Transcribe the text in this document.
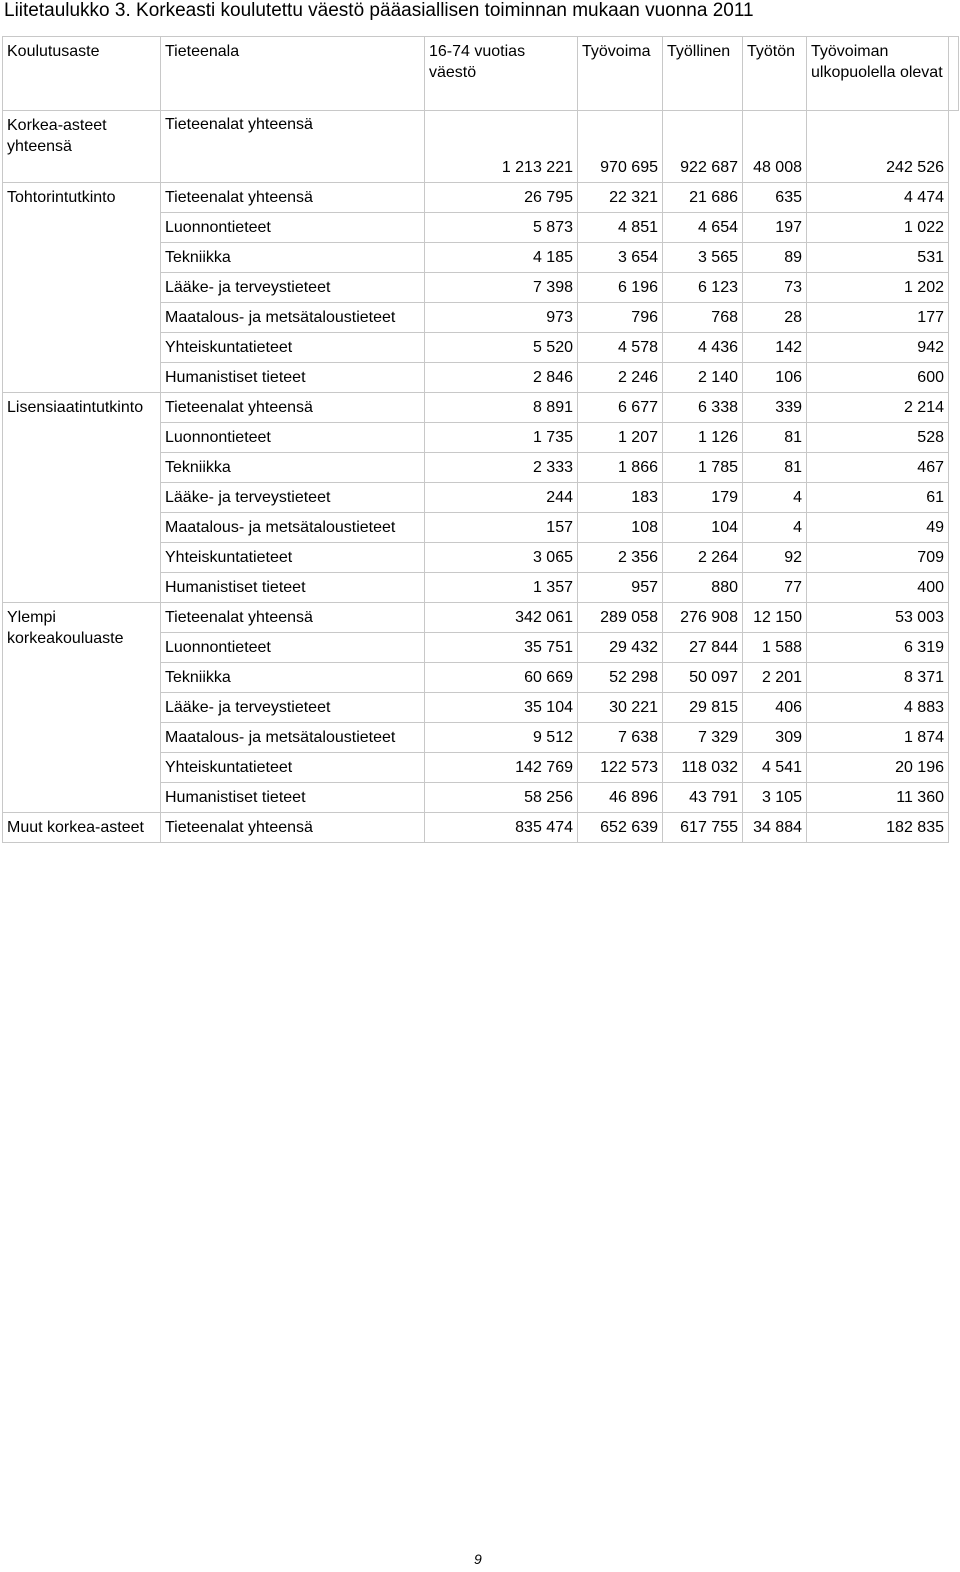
Liitetaulukko 3. Korkeasti koulutettu väestö pääasiallisen toiminnan mukaan vuonna 2011
Koulutusaste	Tieteenala	16-74 vuotias väestö	Työvoima	Työllinen	Työtön	Työvoiman ulkopuolella olevat	
Korkea-asteet yhteensä	Tieteenalat yhteensä	1 213 221	970 695	922 687	48 008	242 526	
Tohtorintutkinto	Tieteenalat yhteensä	26 795	22 321	21 686	635	4 474	
	Luonnontieteet	5 873	4 851	4 654	197	1 022	
	Tekniikka	4 185	3 654	3 565	89	531	
	Lääke- ja terveystieteet	7 398	6 196	6 123	73	1 202	
	Maatalous- ja metsätaloustieteet	973	796	768	28	177	
	Yhteiskuntatieteet	5 520	4 578	4 436	142	942	
	Humanistiset tieteet	2 846	2 246	2 140	106	600	
Lisensiaatintutkinto	Tieteenalat yhteensä	8 891	6 677	6 338	339	2 214	
	Luonnontieteet	1 735	1 207	1 126	81	528	
	Tekniikka	2 333	1 866	1 785	81	467	
	Lääke- ja terveystieteet	244	183	179	4	61	
	Maatalous- ja metsätaloustieteet	157	108	104	4	49	
	Yhteiskuntatieteet	3 065	2 356	2 264	92	709	
	Humanistiset tieteet	1 357	957	880	77	400	
Ylempi korkeakouluaste	Tieteenalat yhteensä	342 061	289 058	276 908	12 150	53 003	
	Luonnontieteet	35 751	29 432	27 844	1 588	6 319	
	Tekniikka	60 669	52 298	50 097	2 201	8 371	
	Lääke- ja terveystieteet	35 104	30 221	29 815	406	4 883	
	Maatalous- ja metsätaloustieteet	9 512	7 638	7 329	309	1 874	
	Yhteiskuntatieteet	142 769	122 573	118 032	4 541	20 196	
	Humanistiset tieteet	58 256	46 896	43 791	3 105	11 360	
Muut korkea-asteet	Tieteenalat yhteensä	835 474	652 639	617 755	34 884	182 835	
9
